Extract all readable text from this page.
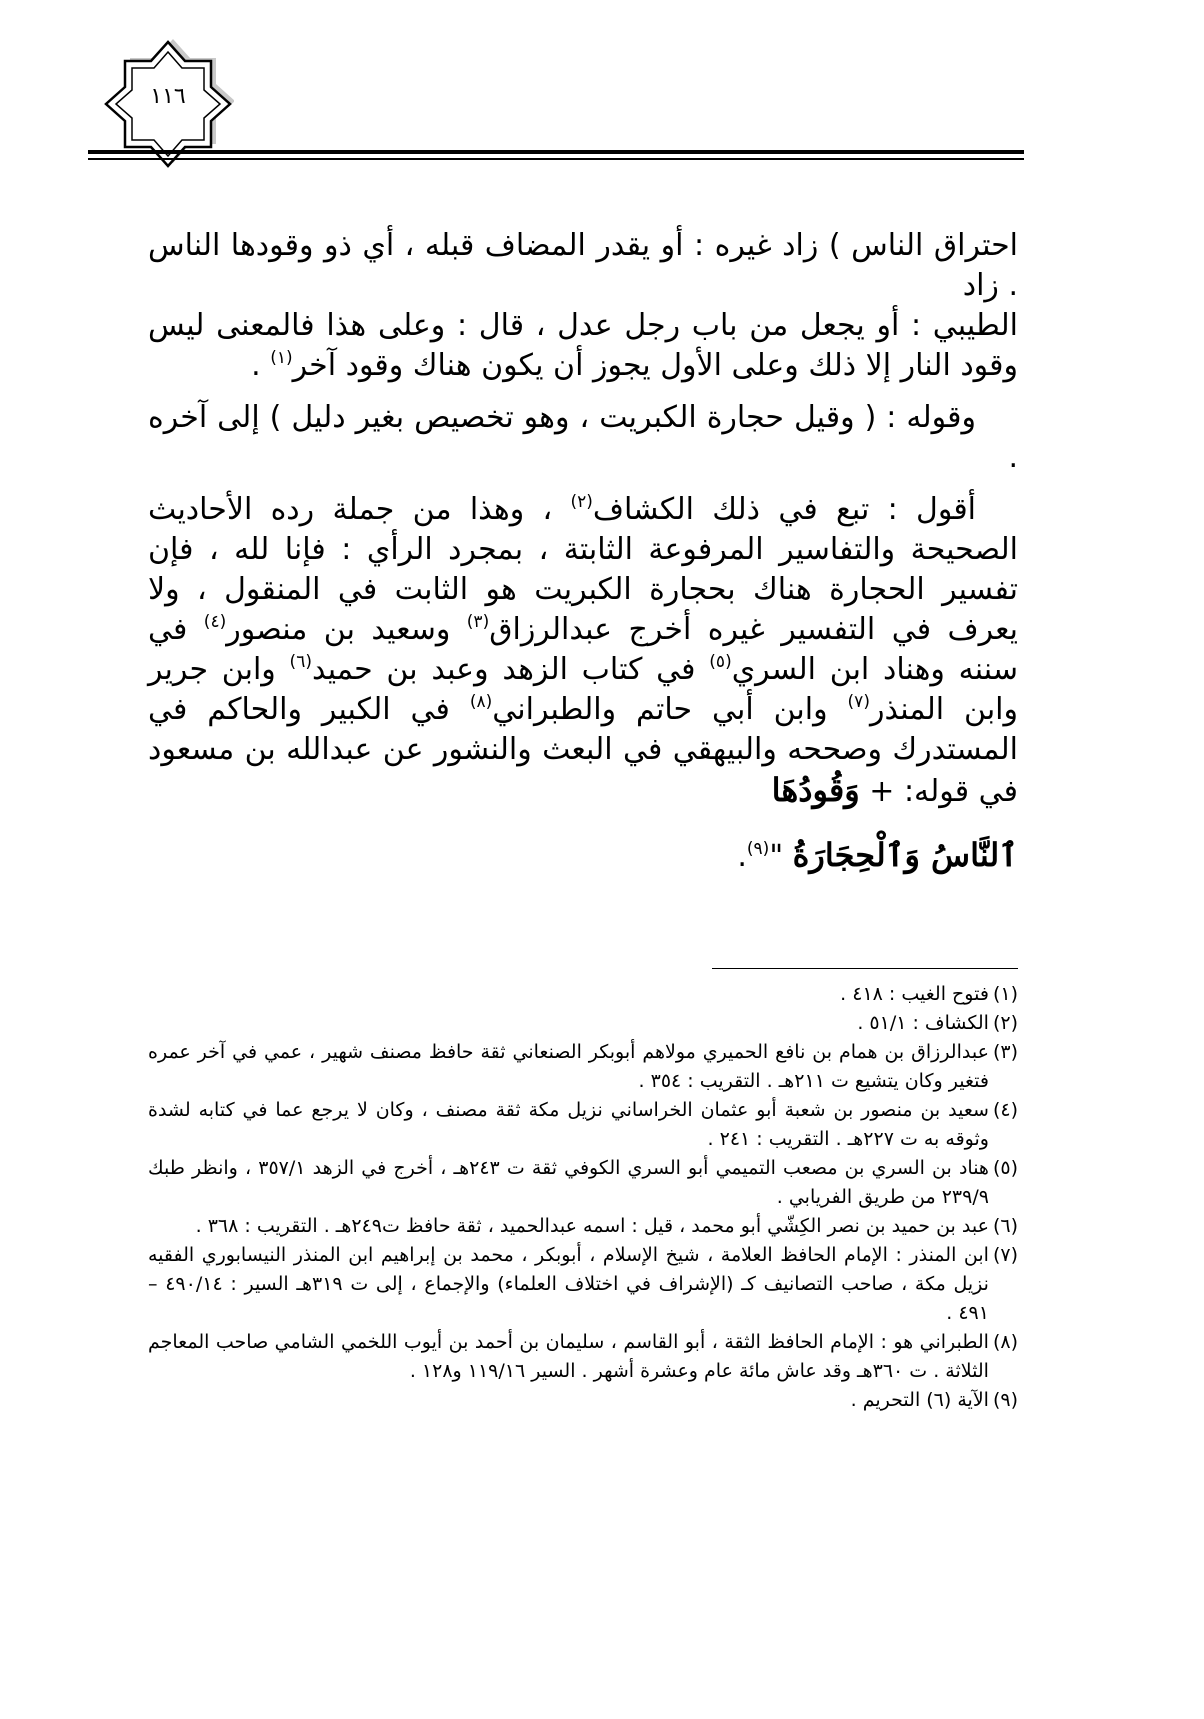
١١٦

احتراق الناس ) زاد غيره : أو يقدر المضاف قبله ، أي ذو وقودها الناس . زاد

الطيبي : أو يجعل من باب رجل عدل ، قال : وعلى هذا فالمعنى ليس وقود النار إلا ذلك وعلى الأول يجوز أن يكون هناك وقود آخر$^{(١)}$ .

وقوله : ( وقيل حجارة الكبريت ، وهو تخصيص بغير دليل ) إلى آخره .

أقول : تبع في ذلك الكشاف$^{(٢)}$ ، وهذا من جملة رده الأحاديث الصحيحة والتفاسير المرفوعة الثابتة ، بمجرد الرأي : فإنا لله ، فإن تفسير الحجارة هناك بحجارة الكبريت هو الثابت في المنقول ، ولا يعرف في التفسير غيره أخرج عبدالرزاق$^{(٣)}$ وسعيد بن منصور$^{(٤)}$ في سننه وهناد ابن السري$^{(٥)}$ في كتاب الزهد وعبد بن حميد$^{(٦)}$ وابن جرير وابن المنذر$^{(٧)}$ وابن أبي حاتم والطبراني$^{(٨)}$ في الكبير والحاكم في المستدرك وصححه والبيهقي في البعث والنشور عن عبدالله بن مسعود في قوله: + وَقُودُهَا

ٱلنَّاسُ وَٱلْحِجَارَةُ "$^{(٩)}$.

(١)
فتوح الغيب : ٤١٨ .
(٢)
الكشاف : ٥١/١ .
(٣)
عبدالرزاق بن همام بن نافع الحميري مولاهم أبوبكر الصنعاني ثقة حافظ مصنف شهير ، عمي في آخر عمره فتغير وكان يتشيع ت ٢١١هـ . التقريب : ٣٥٤ .
(٤)
سعيد بن منصور بن شعبة أبو عثمان الخراساني نزيل مكة ثقة مصنف ، وكان لا يرجع عما في كتابه لشدة وثوقه به ت ٢٢٧هـ . التقريب : ٢٤١ .
(٥)
هناد بن السري بن مصعب التميمي أبو السري الكوفي ثقة ت ٢٤٣هـ ، أخرج في الزهد ٣٥٧/١ ، وانظر طبك ٢٣٩/٩ من طريق الفريابي .
(٦)
عبد بن حميد بن نصر الكِشّي أبو محمد ، قيل : اسمه عبدالحميد ، ثقة حافظ ت٢٤٩هـ . التقريب : ٣٦٨ .
(٧)
ابن المنذر : الإمام الحافظ العلامة ، شيخ الإسلام ، أبوبكر ، محمد بن إبراهيم ابن المنذر النيسابوري الفقيه نزيل مكة ، صاحب التصانيف كـ (الإشراف في اختلاف العلماء) والإجماع ، إلى ت ٣١٩هـ السير : ٤٩٠/١٤ – ٤٩١ .
(٨)
الطبراني هو : الإمام الحافظ الثقة ، أبو القاسم ، سليمان بن أحمد بن أيوب اللخمي الشامي صاحب المعاجم الثلاثة . ت ٣٦٠هـ وقد عاش مائة عام وعشرة أشهر . السير ١١٩/١٦ و١٢٨ .
(٩)
الآية (٦) التحريم .
